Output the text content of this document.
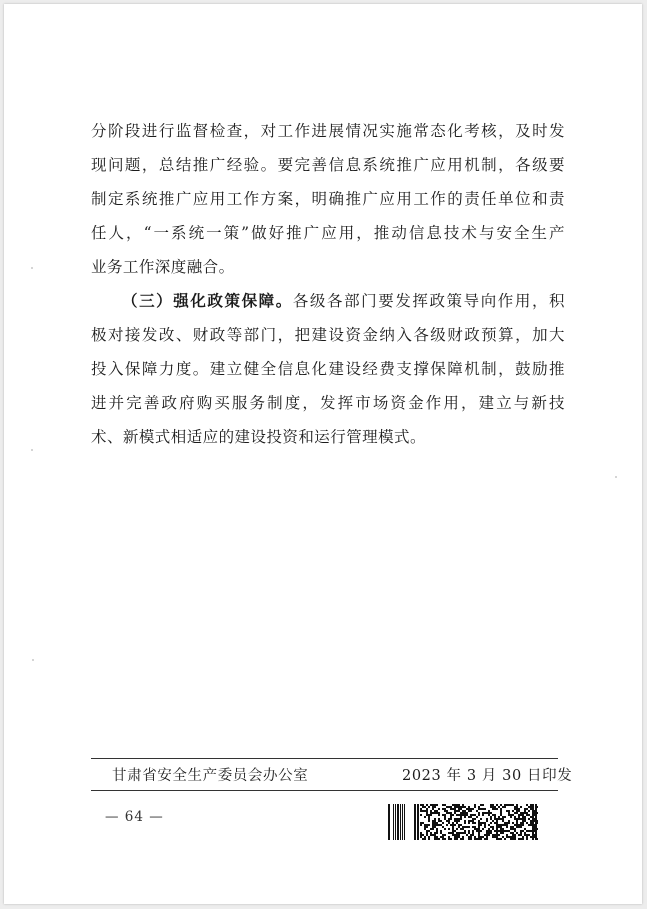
分阶段进行监督检查，对工作进展情况实施常态化考核，及时发
现问题，总结推广经验。要完善信息系统推广应用机制，各级要
制定系统推广应用工作方案，明确推广应用工作的责任单位和责
任人，“一系统一策”做好推广应用，推动信息技术与安全生产
业务工作深度融合。
（三）强化政策保障。各级各部门要发挥政策导向作用，积
极对接发改、财政等部门，把建设资金纳入各级财政预算，加大
投入保障力度。建立健全信息化建设经费支撑保障机制，鼓励推
进并完善政府购买服务制度，发挥市场资金作用，建立与新技
术、新模式相适应的建设投资和运行管理模式。
甘肃省安全生产委员会办公室	2023 年 3 月 30 日印发
— 64 —
